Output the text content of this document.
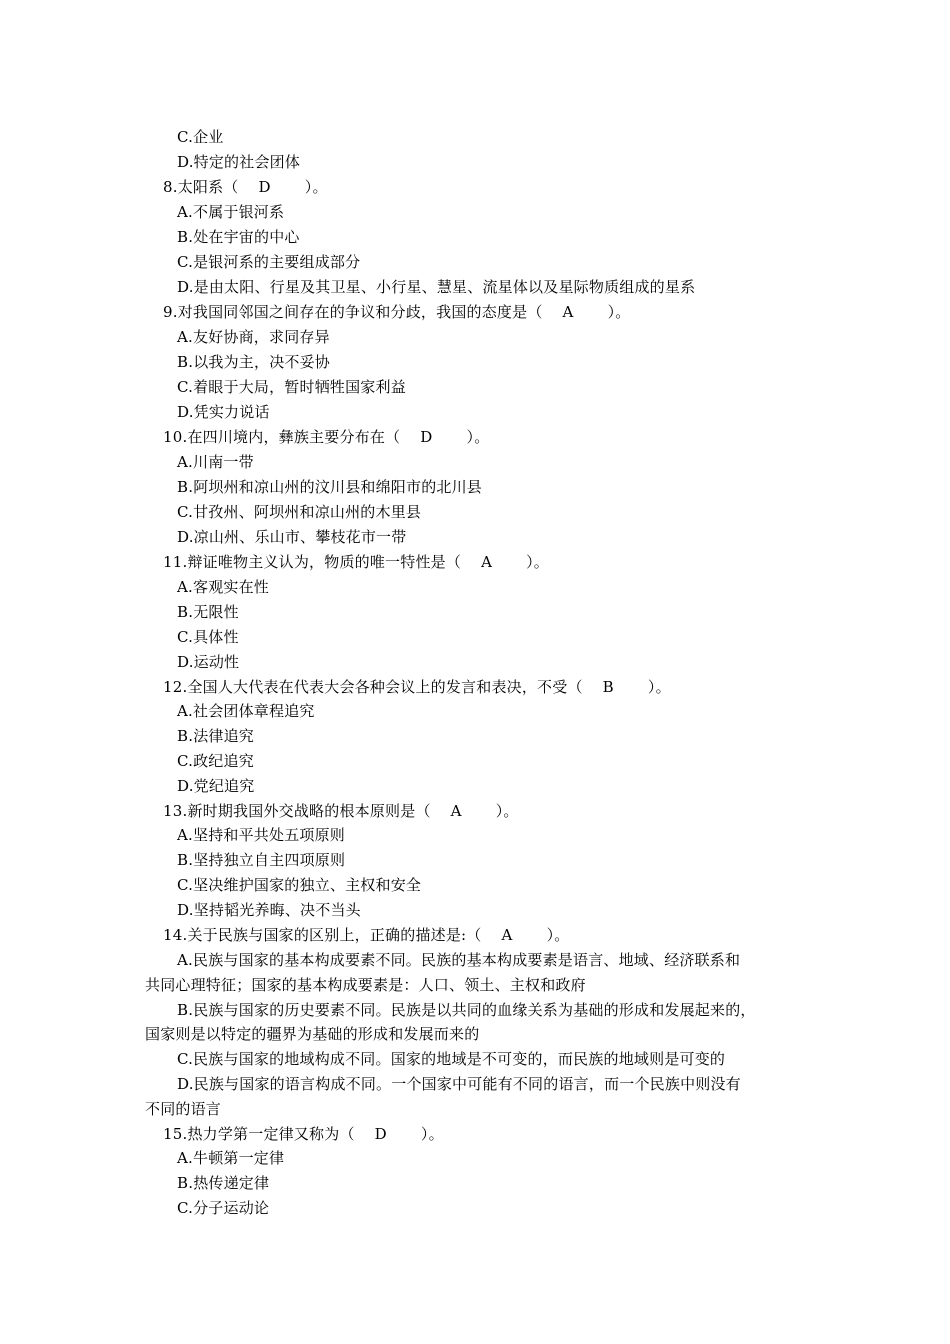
C.企业
D.特定的社会团体
8.太阳系（ D ）。
A.不属于银河系
B.处在宇宙的中心
C.是银河系的主要组成部分
D.是由太阳、行星及其卫星、小行星、慧星、流星体以及星际物质组成的星系
9.对我国同邻国之间存在的争议和分歧，我国的态度是（ A ）。
A.友好协商，求同存异
B.以我为主，决不妥协
C.着眼于大局，暂时牺牲国家利益
D.凭实力说话
10.在四川境内，彝族主要分布在（ D ）。
A.川南一带
B.阿坝州和凉山州的汶川县和绵阳市的北川县
C.甘孜州、阿坝州和凉山州的木里县
D.凉山州、乐山市、攀枝花市一带
11.辩证唯物主义认为，物质的唯一特性是（ A ）。
A.客观实在性
B.无限性
C.具体性
D.运动性
12.全国人大代表在代表大会各种会议上的发言和表决，不受（ B ）。
A.社会团体章程追究
B.法律追究
C.政纪追究
D.党纪追究
13.新时期我国外交战略的根本原则是（ A ）。
A.坚持和平共处五项原则
B.坚持独立自主四项原则
C.坚决维护国家的独立、主权和安全
D.坚持韬光养晦、决不当头
14.关于民族与国家的区别上，正确的描述是:（ A ）。
A.民族与国家的基本构成要素不同。民族的基本构成要素是语言、地域、经济联系和
共同心理特征；国家的基本构成要素是：人口、领土、主权和政府
B.民族与国家的历史要素不同。民族是以共同的血缘关系为基础的形成和发展起来的，
国家则是以特定的疆界为基础的形成和发展而来的
C.民族与国家的地域构成不同。国家的地域是不可变的，而民族的地域则是可变的
D.民族与国家的语言构成不同。一个国家中可能有不同的语言，而一个民族中则没有
不同的语言
15.热力学第一定律又称为（ D ）。
A.牛顿第一定律
B.热传递定律
C.分子运动论
